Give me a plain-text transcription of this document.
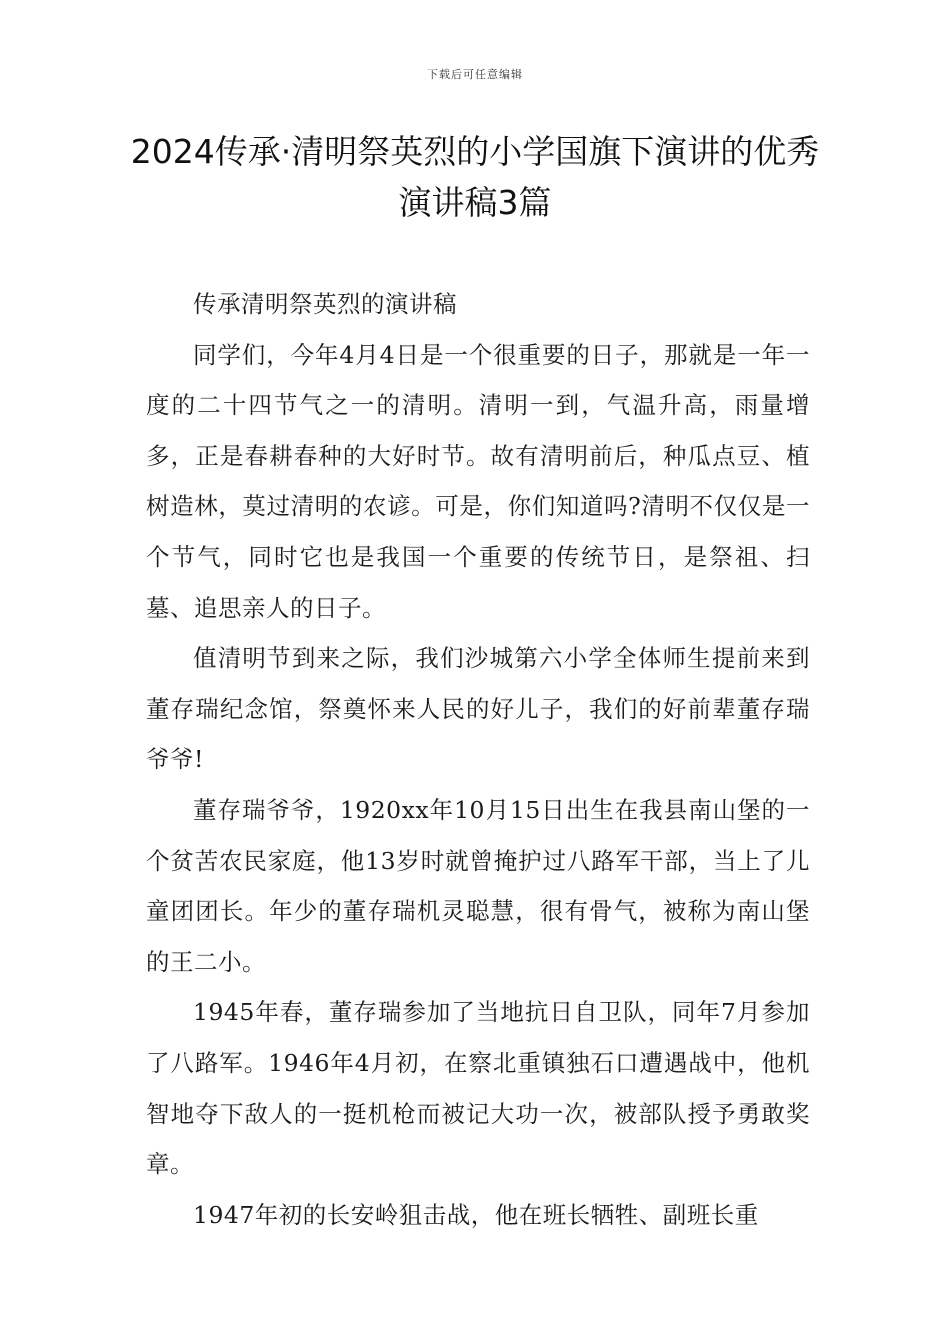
下载后可任意编辑
2024传承·清明祭英烈的小学国旗下演讲的优秀演讲稿3篇

传承清明祭英烈的演讲稿

同学们，今年4月4日是一个很重要的日子，那就是一年一度的二十四节气之一的清明。清明一到，气温升高，雨量增多，正是春耕春种的大好时节。故有清明前后，种瓜点豆、植树造林，莫过清明的农谚。可是，你们知道吗?清明不仅仅是一个节气，同时它也是我国一个重要的传统节日，是祭祖、扫墓、追思亲人的日子。

值清明节到来之际，我们沙城第六小学全体师生提前来到董存瑞纪念馆，祭奠怀来人民的好儿子，我们的好前辈董存瑞爷爷!

董存瑞爷爷，1920xx年10月15日出生在我县南山堡的一个贫苦农民家庭，他13岁时就曾掩护过八路军干部，当上了儿童团团长。年少的董存瑞机灵聪慧，很有骨气，被称为南山堡的王二小。

1945年春，董存瑞参加了当地抗日自卫队，同年7月参加了八路军。1946年4月初，在察北重镇独石口遭遇战中，他机智地夺下敌人的一挺机枪而被记大功一次，被部队授予勇敢奖章。

1947年初的长安岭狙击战，他在班长牺牲、副班长重
